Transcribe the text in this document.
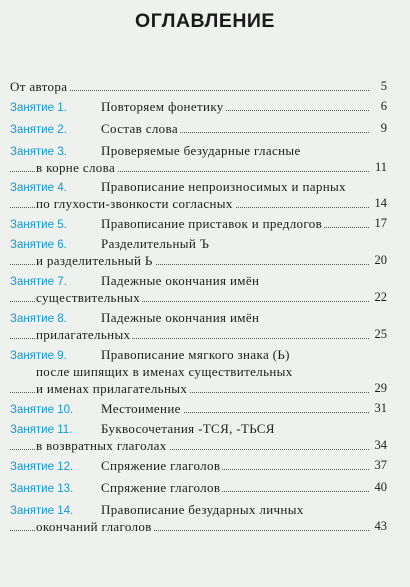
ОГЛАВЛЕНИЕ
От автора	5
Занятие 1.	Повторяем фонетику	6
Занятие 2.	Состав слова	9
Занятие 3.	Проверяемые безударные гласные
в корне слова	11
Занятие 4.	Правописание непроизносимых и парных
по глухости-звонкости согласных	14
Занятие 5.	Правописание приставок и предлогов	17
Занятие 6.	Разделительный Ъ
и разделительный Ь	20
Занятие 7.	Падежные окончания имён
существительных	22
Занятие 8.	Падежные окончания имён
прилагательных	25
Занятие 9.	Правописание мягкого знака (Ь)
после шипящих в именах существительных
и именах прилагательных	29
Занятие 10. Местоимение	31
Занятие 11. Буквосочетания -ТСЯ, -ТЬСЯ
в возвратных глаголах	34
Занятие 12. Спряжение глаголов	37
Занятие 13. Спряжение глаголов	40
Занятие 14. Правописание безударных личных
окончаний глаголов	43
